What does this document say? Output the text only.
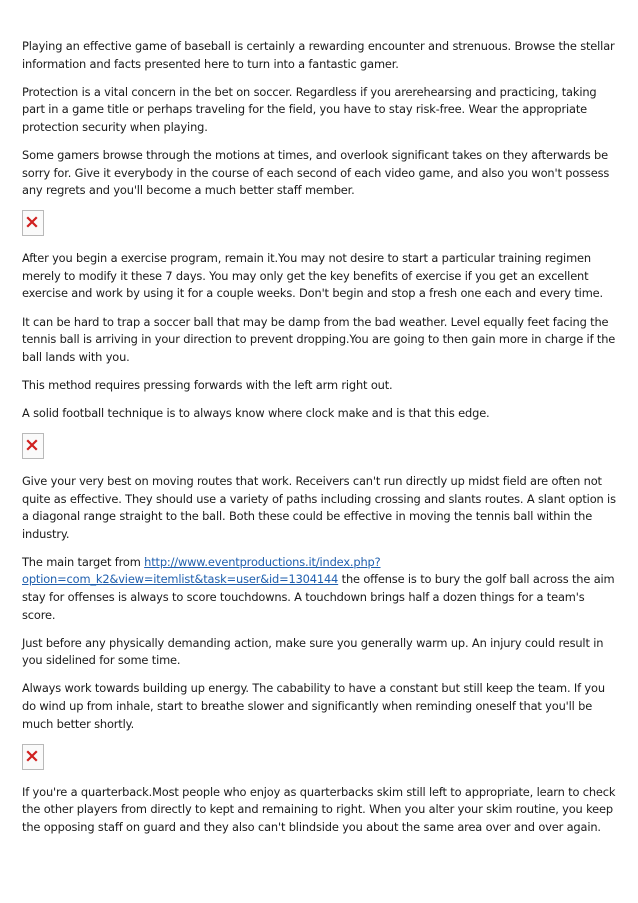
Playing an effective game of baseball is certainly a rewarding encounter and strenuous. Browse the stellar information and facts presented here to turn into a fantastic gamer.

Protection is a vital concern in the bet on soccer. Regardless if you arerehearsing and practicing, taking part in a game title or perhaps traveling for the field, you have to stay risk-free. Wear the appropriate protection security when playing.

Some gamers browse through the motions at times, and overlook significant takes on they afterwards be sorry for. Give it everybody in the course of each second of each video game, and also you won't possess any regrets and you'll become a much better staff member.

After you begin a exercise program, remain it.You may not desire to start a particular training regimen merely to modify it these 7 days. You may only get the key benefits of exercise if you get an excellent exercise and work by using it for a couple weeks. Don't begin and stop a fresh one each and every time.

It can be hard to trap a soccer ball that may be damp from the bad weather. Level equally feet facing the tennis ball is arriving in your direction to prevent dropping.You are going to then gain more in charge if the ball lands with you.

This method requires pressing forwards with the left arm right out.

A solid football technique is to always know where clock make and is that this edge.

Give your very best on moving routes that work. Receivers can't run directly up midst field are often not quite as effective. They should use a variety of paths including crossing and slants routes. A slant option is a diagonal range straight to the ball. Both these could be effective in moving the tennis ball within the industry.

The main target from http://www.eventproductions.it/index.php?option=com_k2&view=itemlist&task=user&id=1304144 the offense is to bury the golf ball across the aim stay for offenses is always to score touchdowns. A touchdown brings half a dozen things for a team's score.

Just before any physically demanding action, make sure you generally warm up. An injury could result in you sidelined for some time.

Always work towards building up energy. The cabability to have a constant but still keep the team. If you do wind up from inhale, start to breathe slower and significantly when reminding oneself that you'll be much better shortly.

If you're a quarterback.Most people who enjoy as quarterbacks skim still left to appropriate, learn to check the other players from directly to kept and remaining to right. When you alter your skim routine, you keep the opposing staff on guard and they also can't blindside you about the same area over and over again.
